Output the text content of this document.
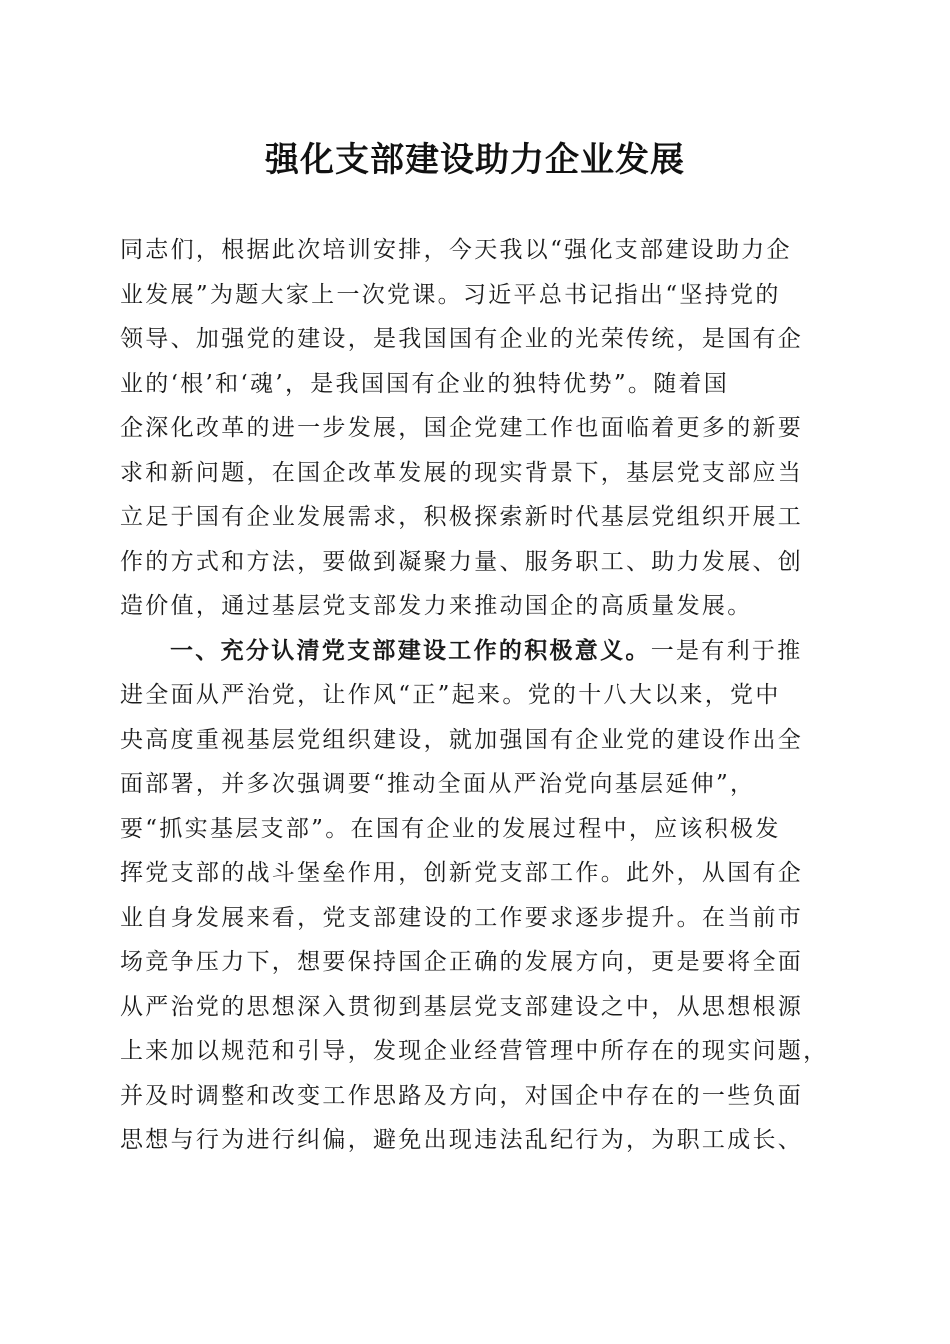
强化支部建设助力企业发展
同志们，根据此次培训安排，今天我以“强化支部建设助力企
业发展”为题大家上一次党课。习近平总书记指出“坚持党的
领导、加强党的建设，是我国国有企业的光荣传统，是国有企
业的‘根’和‘魂’，是我国国有企业的独特优势”。随着国
企深化改革的进一步发展，国企党建工作也面临着更多的新要
求和新问题，在国企改革发展的现实背景下，基层党支部应当
立足于国有企业发展需求，积极探索新时代基层党组织开展工
作的方式和方法，要做到凝聚力量、服务职工、助力发展、创
造价值，通过基层党支部发力来推动国企的高质量发展。
一、充分认清党支部建设工作的积极意义。一是有利于推
进全面从严治党，让作风“正”起来。党的十八大以来，党中
央高度重视基层党组织建设，就加强国有企业党的建设作出全
面部署，并多次强调要“推动全面从严治党向基层延伸”，
要“抓实基层支部”。在国有企业的发展过程中，应该积极发
挥党支部的战斗堡垒作用，创新党支部工作。此外，从国有企
业自身发展来看，党支部建设的工作要求逐步提升。在当前市
场竞争压力下，想要保持国企正确的发展方向，更是要将全面
从严治党的思想深入贯彻到基层党支部建设之中，从思想根源
上来加以规范和引导，发现企业经营管理中所存在的现实问题，
并及时调整和改变工作思路及方向，对国企中存在的一些负面
思想与行为进行纠偏，避免出现违法乱纪行为，为职工成长、
